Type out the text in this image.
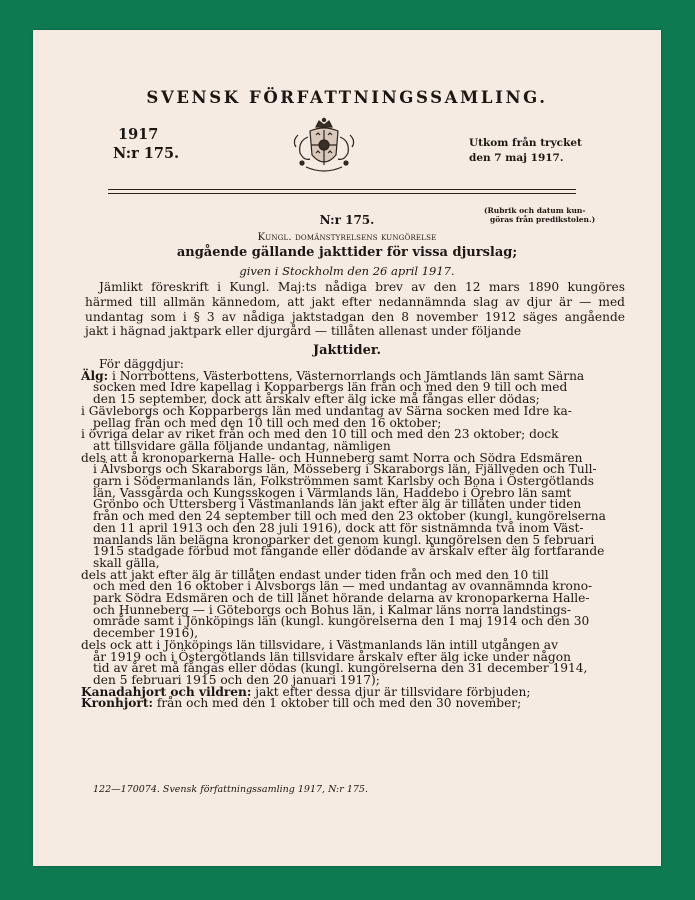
SVENSK FÖRFATTNINGSSAMLING.
1917
N:r 175.
Utkom från trycket
den 7 maj 1917.
N:r 175.
(Rubrik och datum kun-
göras från predikstolen.)
Kungl. domänstyrelsens kungörelse
angående gällande jakttider för vissa djurslag;
given i Stockholm den 26 april 1917.
Jämlikt föreskrift i Kungl. Maj:ts nådiga brev av den 12 mars 1890 kungöres
härmed till allmän kännedom, att jakt efter nedannämnda slag av djur är — med
undantag som i § 3 av nådiga jaktstadgan den 8 november 1912 säges angående
jakt i hägnad jaktpark eller djurgård — tillåten allenast under följande
Jakttider.
För däggdjur:
Älg: i Norrbottens, Västerbottens, Västernorrlands och Jämtlands län samt Särna
socken med Idre kapellag i Kopparbergs län från och med den 9 till och med
den 15 september, dock att årskalv efter älg icke må fångas eller dödas;
i Gävleborgs och Kopparbergs län med undantag av Särna socken med Idre ka-
pellag från och med den 10 till och med den 16 oktober;
i övriga delar av riket från och med den 10 till och med den 23 oktober; dock
att tillsvidare gälla följande undantag, nämligen
dels att å kronoparkerna Halle- och Hunneberg samt Norra och Södra Edsmären
i Älvsborgs och Skaraborgs län, Mösseberg i Skaraborgs län, Fjällveden och Tull-
garn i Södermanlands län, Folkströmmen samt Karlsby och Bona i Östergötlands
län, Vassgårda och Kungsskogen i Värmlands län, Haddebo i Örebro län samt
Grönbo och Uttersberg i Västmanlands län jakt efter älg är tillåten under tiden
från och med den 24 september till och med den 23 oktober (kungl. kungörelserna
den 11 april 1913 och den 28 juli 1916), dock att för sistnämnda två inom Väst-
manlands län belägna kronoparker det genom kungl. kungörelsen den 5 februari
1915 stadgade förbud mot fångande eller dödande av årskalv efter älg fortfarande
skall gälla,
dels att jakt efter älg är tillåten endast under tiden från och med den 10 till
och med den 16 oktober i Älvsborgs län — med undantag av ovannämnda krono-
park Södra Edsmären och de till länet hörande delarna av kronoparkerna Halle-
och Hunneberg — i Göteborgs och Bohus län, i Kalmar läns norra landstings-
område samt i Jönköpings län (kungl. kungörelserna den 1 maj 1914 och den 30
december 1916),
dels ock att i Jönköpings län tillsvidare, i Västmanlands län intill utgången av
år 1919 och i Östergötlands län tillsvidare årskalv efter älg icke under någon
tid av året må fångas eller dödas (kungl. kungörelserna den 31 december 1914,
den 5 februari 1915 och den 20 januari 1917);
Kanadahjort och vildren: jakt efter dessa djur är tillsvidare förbjuden;
Kronhjort: från och med den 1 oktober till och med den 30 november;
122—170074. Svensk författningssamling 1917, N:r 175.
